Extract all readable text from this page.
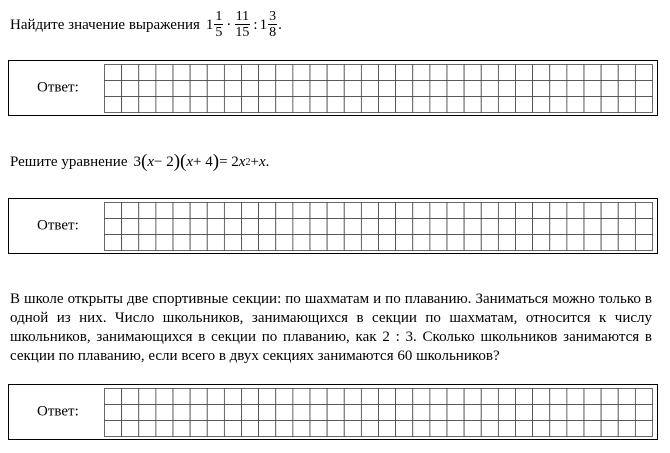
Найдите значение выражения $1 \frac{1}{5} \cdot \frac{11}{15}$ : $1 \frac{3}{8}$ .
Ответ:
Решите уравнение 3 ( x − 2 ) ( x + 4 ) = 2 x 2 + x .
Ответ:
В школе открыты две спортивные секции: по шахматам и по плаванию. Заниматься можно только в одной из них. Число школьников, занимающихся в секции по шахматам, относится к числу школьников, занимающихся в секции по плаванию, как 2 : 3. Сколько школьников занимаются в секции по плаванию, если всего в двух секциях занимаются 60 школьников?
Ответ:
